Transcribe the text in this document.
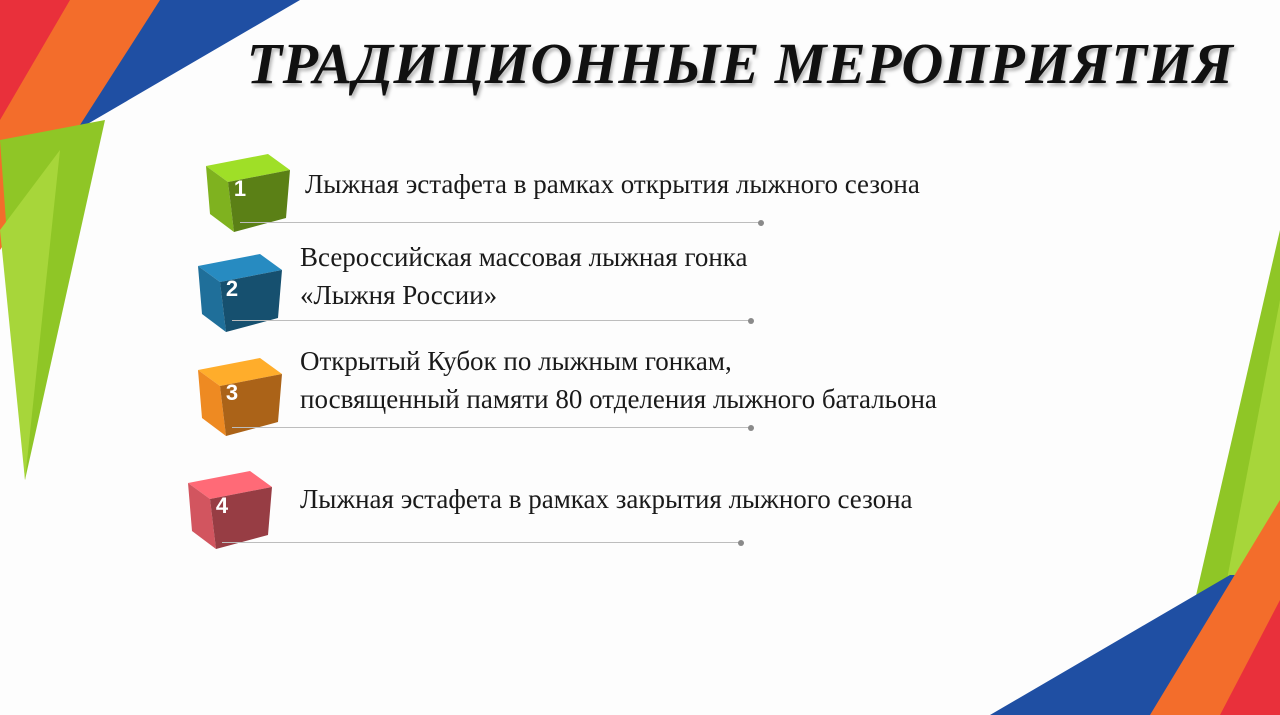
ТРАДИЦИОННЫЕ МЕРОПРИЯТИЯ
1	Лыжная эстафета в рамках открытия лыжного сезона
2
Всероссийская массовая лыжная гонка
«Лыжня России»
3
Открытый Кубок по лыжным гонкам,
посвященный памяти 80 отделения лыжного батальона
4	Лыжная эстафета в рамках закрытия лыжного сезона
